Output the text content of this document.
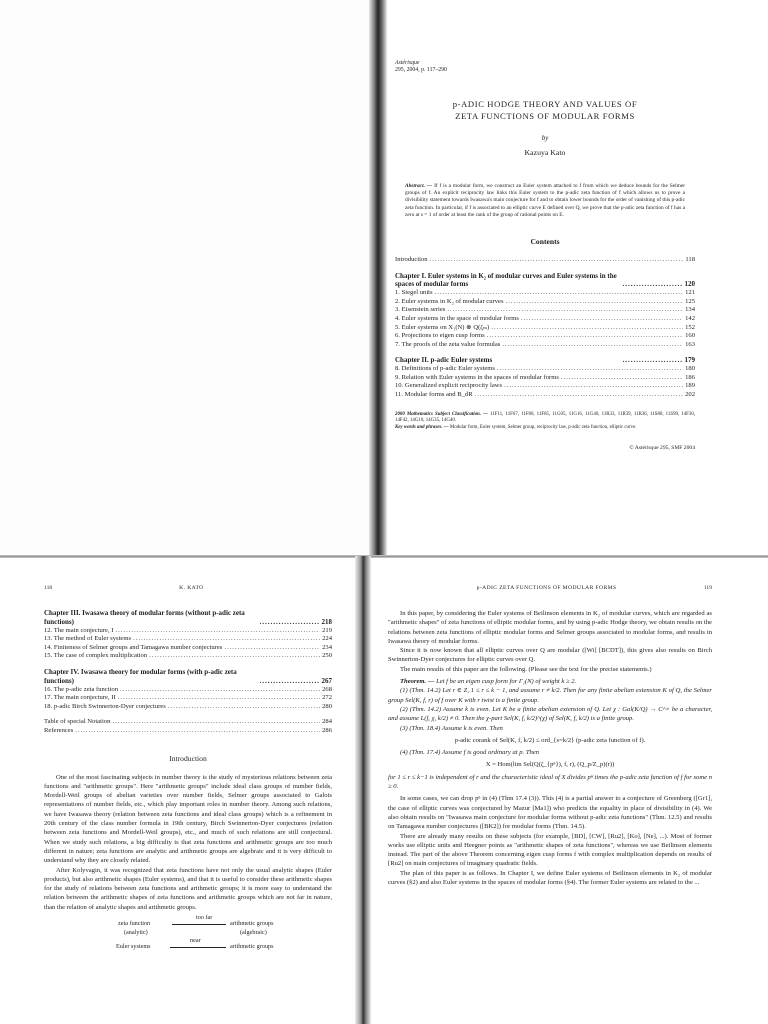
Astérisque
295, 2004, p. 117–290
p-ADIC HODGE THEORY AND VALUES OF
ZETA FUNCTIONS OF MODULAR FORMS
by
Kazuya Kato
Abstract. — If f is a modular form, we construct an Euler system attached to f from which we deduce bounds for the Selmer groups of f. An explicit reciprocity law links this Euler system to the p-adic zeta function of f which allows us to prove a divisibility statement towards Iwasawa's main conjecture for f and to obtain lower bounds for the order of vanishing of this p-adic zeta function. In particular, if f is associated to an elliptic curve E defined over Q, we prove that the p-adic zeta function of f has a zero at s = 1 of order at least the rank of the group of rational points on E.
Contents
Introduction .....	118
Chapter I. Euler systems in K₂ of modular curves and Euler systems in the spaces of modular forms .....	120
1. Siegel units .....	121
2. Euler systems in K₂ of modular curves .....	125
3. Eisenstein series .....	134
4. Euler systems in the space of modular forms .....	142
5. Euler systems on X₁(N) ⊗ Q(ζₘ) .....	152
6. Projections to eigen cusp forms .....	160
7. The proofs of the zeta value formulas .....	163
Chapter II. p-adic Euler systems .....	179
8. Definitions of p-adic Euler systems .....	180
9. Relation with Euler systems in the spaces of modular forms .....	186
10. Generalized explicit reciprocity laws .....	189
11. Modular forms and B_dR .....	202
2000 Mathematics Subject Classification. — 11F11, 11F67, 11F80, 11F85, 11G05, 11G16, 11G40, 11R33, 11R39, 11R36, 11S80, 11S99, 14F30, 14F42, 14G10, 14G35, 14G40.
Key words and phrases. — Modular form, Euler system, Selmer group, reciprocity law, p-adic zeta function, elliptic curve.
© Astérisque 295, SMF 2004
118	K. KATO

Chapter III. Iwasawa theory of modular forms (without p-adic zeta functions) .....	218
12. The main conjecture, I .....	219
13. The method of Euler systems .....	224
14. Finiteness of Selmer groups and Tamagawa number conjectures .....	234
15. The case of complex multiplication .....	250
Chapter IV. Iwasawa theory for modular forms (with p-adic zeta functions) .....	267
16. The p-adic zeta function .....	268
17. The main conjecture, II .....	272
18. p-adic Birch Swinnerton-Dyer conjectures .....	280
Table of special Notation .....	284
References .....	286
Introduction

One of the most fascinating subjects in number theory is the study of mysterious relations between zeta functions and "arithmetic groups". Here "arithmetic groups" include ideal class groups of number fields, Mordell-Weil groups of abelian varieties over number fields, Selmer groups associated to Galois representations of number fields, etc., which play important roles in number theory. Among such relations, we have Iwasawa theory (relation between zeta functions and ideal class groups) which is a refinement in 20th century of the class number formula in 19th century, Birch Swinnerton-Dyer conjectures (relation between zeta functions and Mordell-Weil groups), etc., and much of such relations are still conjectural. When we study such relations, a big difficulty is that zeta functions and arithmetic groups are too much different in nature; zeta functions are analytic and arithmetic groups are algebraic and it is very difficult to understand why they are closely related.

After Kolyvagin, it was recognized that zeta functions have not only the usual analytic shapes (Euler products), but also arithmetic shapes (Euler systems), and that it is useful to consider these arithmetic shapes for the study of relations between zeta functions and arithmetic groups; it is more easy to understand the relation between the arithmetic shapes of zeta functions and arithmetic groups which are not far in nature, than the relation of analytic shapes and arithmetic groups.

zeta function
too far
arithmetic groups
(analytic)	(algebraic)
Euler systems
near
arithmetic groups

p-ADIC ZETA FUNCTIONS OF MODULAR FORMS	119

In this paper, by considering the Euler systems of Beilinson elements in K₂ of modular curves, which are regarded as "arithmetic shapes" of zeta functions of elliptic modular forms, and by using p-adic Hodge theory, we obtain results on the relations between zeta functions of elliptic modular forms and Selmer groups associated to modular forms, and results in Iwasawa theory of modular forms.

Since it is now known that all elliptic curves over Q are modular ([Wi] [BCDT]), this gives also results on Birch Swinnerton-Dyer conjectures for elliptic curves over Q.

The main results of this paper are the following. (Please see the text for the precise statements.)

Theorem. — Let f be an eigen cusp form for Γ₁(N) of weight k ≥ 2.

(1) (Thm. 14.2) Let r ∈ Z, 1 ≤ r ≤ k − 1, and assume r ≠ k/2. Then for any finite abelian extension K of Q, the Selmer group Sel(K, f, r) of f over K with r twist is a finite group.

(2) (Thm. 14.2) Assume k is even. Let K be a finite abelian extension of Q. Let χ : Gal(K/Q) → C^× be a character, and assume L(f, χ, k/2) ≠ 0. Then the χ-part Sel(K, f, k/2)^(χ) of Sel(K, f, k/2) is a finite group.

(3) (Thm. 18.4) Assume k is even. Then

p-adic corank of Sel(K, f, k/2) ≤ ord_{s=k/2} (p-adic zeta function of f).

(4) (Thm. 17.4) Assume f is good ordinary at p. Then

X = Hom(lim Sel(Q(ζ_{pⁿ}), f, r), (Q_p/Z_p)(r))

for 1 ≤ r ≤ k−1 is independent of r and the characteristic ideal of X divides pⁿ times the p-adic zeta function of f for some n ≥ 0.

In some cases, we can drop pⁿ in (4) (Thm 17.4 (3)). This (4) is a partial answer to a conjecture of Greenberg ([Gr1], the case of elliptic curves was conjectured by Mazur [Ma1]) who predicts the equality in place of divisibility in (4). We also obtain results on "Iwasawa main conjecture for modular forms without p-adic zeta functions" (Thm. 12.5) and results on Tamagawa number conjectures ([BK2]) for modular forms (Thm. 14.5).

There are already many results on these subjects (for example, [BD], [CW], [Ru2], [Ko], [Ne], ...). Most of former works use elliptic units and Heegner points as "arithmetic shapes of zeta functions", whereas we use Beilinson elements instead. The part of the above Theorem concerning eigen cusp forms f with complex multiplication depends on results of [Ru2] on main conjectures of imaginary quadratic fields.

The plan of this paper is as follows. In Chapter I, we define Euler systems of Beilinson elements in K₂ of modular curves (§2) and also Euler systems in the spaces of modular forms (§4). The former Euler systems are related to the ...
